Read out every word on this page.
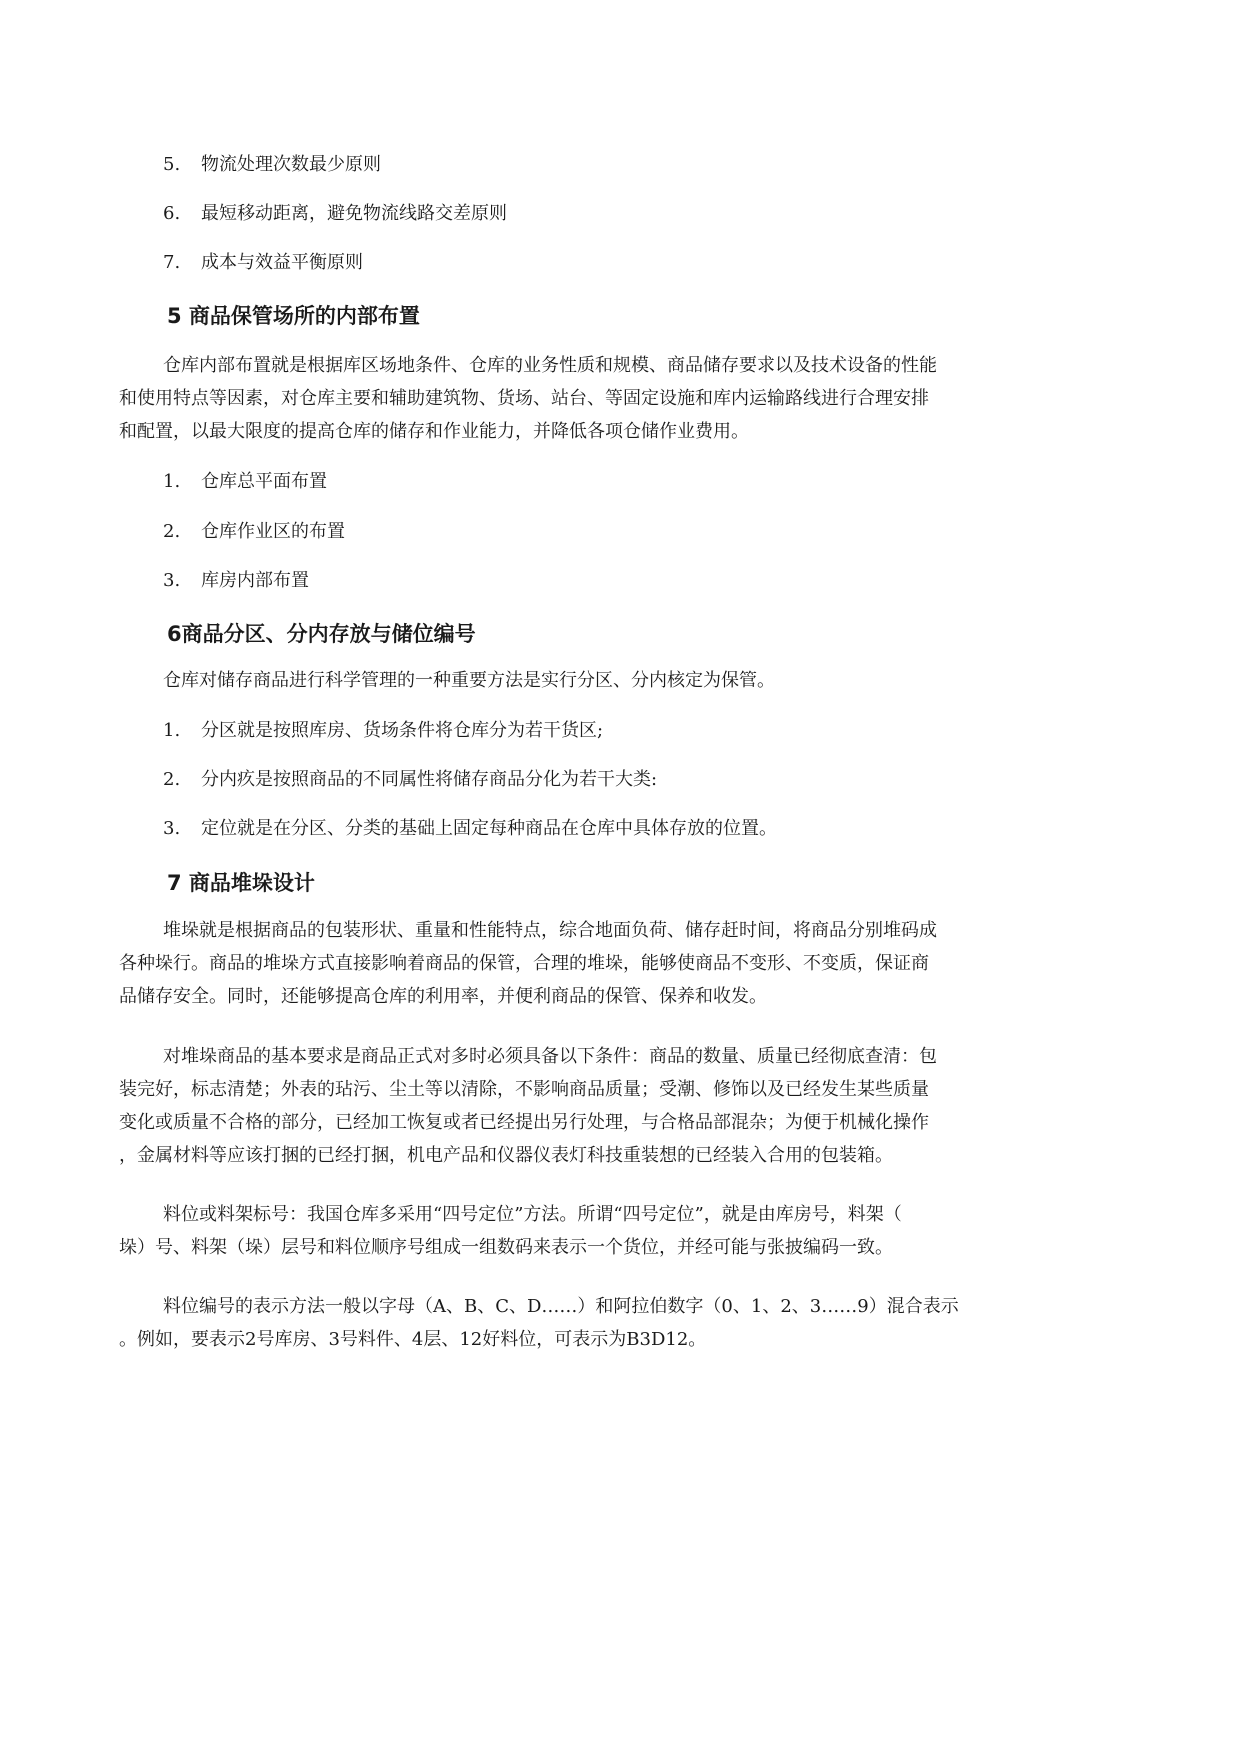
5. 物流处理次数最少原则
6. 最短移动距离，避免物流线路交差原则
7. 成本与效益平衡原则
5 商品保管场所的内部布置
仓库内部布置就是根据库区场地条件、仓库的业务性质和规模、商品储存要求以及技术设备的性能
和使用特点等因素，对仓库主要和辅助建筑物、货场、站台、等固定设施和库内运输路线进行合理安排
和配置，以最大限度的提高仓库的储存和作业能力，并降低各项仓储作业费用。
1. 仓库总平面布置
2. 仓库作业区的布置
3. 库房内部布置
6商品分区、分内存放与储位编号
仓库对储存商品进行科学管理的一种重要方法是实行分区、分内核定为保管。
1. 分区就是按照库房、货场条件将仓库分为若干货区;
2. 分内疚是按照商品的不同属性将储存商品分化为若干大类:
3. 定位就是在分区、分类的基础上固定每种商品在仓库中具体存放的位置。
7 商品堆垛设计
堆垛就是根据商品的包装形状、重量和性能特点，综合地面负荷、储存赶时间，将商品分别堆码成
各种垛行。商品的堆垛方式直接影响着商品的保管，合理的堆垛，能够使商品不变形、不变质，保证商
品储存安全。同时，还能够提高仓库的利用率，并便利商品的保管、保养和收发。
对堆垛商品的基本要求是商品正式对多时必须具备以下条件：商品的数量、质量已经彻底查清：包
装完好，标志清楚；外表的玷污、尘土等以清除，不影响商品质量；受潮、修饰以及已经发生某些质量
变化或质量不合格的部分，已经加工恢复或者已经提出另行处理，与合格品部混杂；为便于机械化操作
，金属材料等应该打捆的已经打捆，机电产品和仪器仪表灯科技重装想的已经装入合用的包装箱。
料位或料架标号：我国仓库多采用“四号定位”方法。所谓“四号定位”，就是由库房号，料架（
垛）号、料架（垛）层号和料位顺序号组成一组数码来表示一个货位，并经可能与张披编码一致。
料位编号的表示方法一般以字母（A、B、C、D……）和阿拉伯数字（0、1、2、3……9）混合表示
。例如，要表示2号库房、3号料件、4层、12好料位，可表示为B3D12。
